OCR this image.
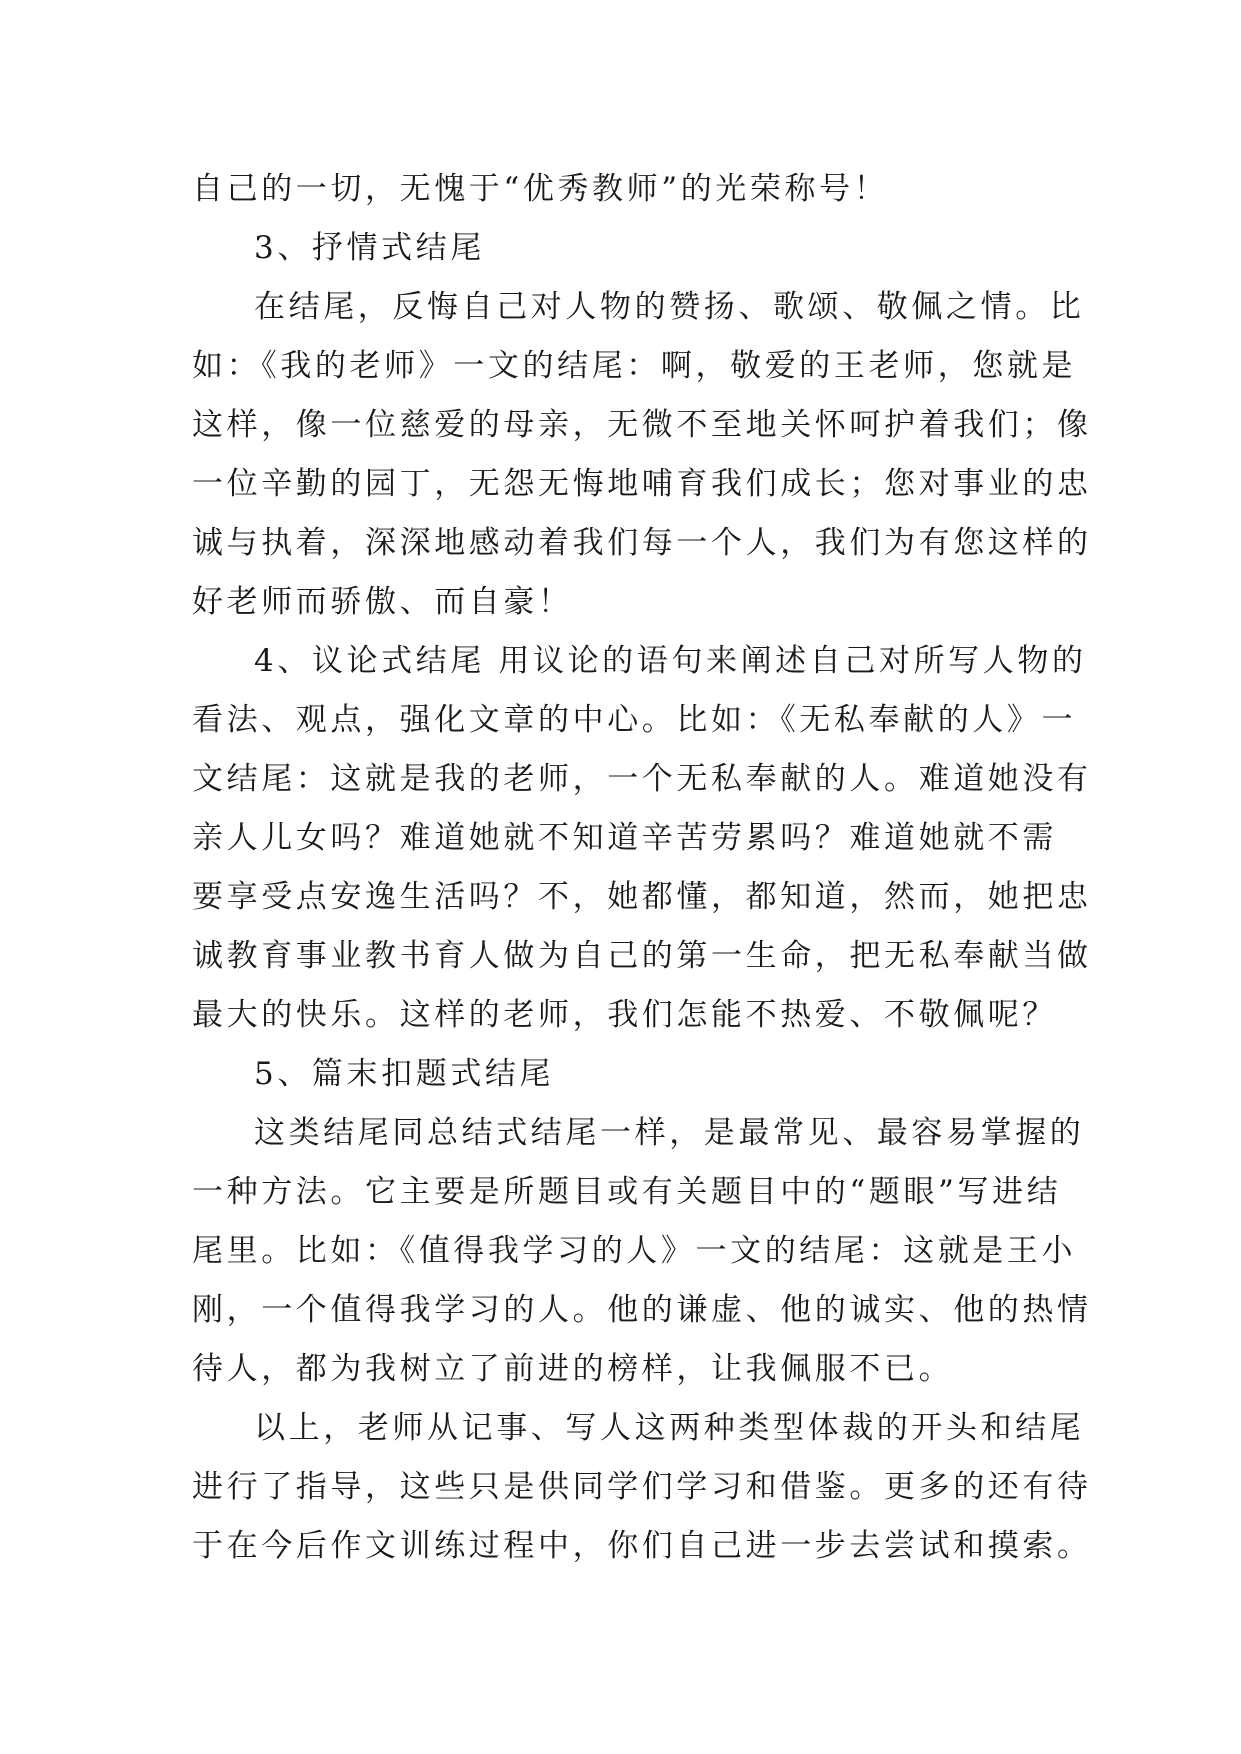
自己的一切，无愧于“优秀教师”的光荣称号！
3、抒情式结尾
在结尾，反悔自己对人物的赞扬、歌颂、敬佩之情。比
如：《我的老师》一文的结尾：啊，敬爱的王老师，您就是
这样，像一位慈爱的母亲，无微不至地关怀呵护着我们；像
一位辛勤的园丁，无怨无悔地哺育我们成长；您对事业的忠
诚与执着，深深地感动着我们每一个人，我们为有您这样的
好老师而骄傲、而自豪！
4、议论式结尾 用议论的语句来阐述自己对所写人物的
看法、观点，强化文章的中心。比如：《无私奉献的人》一
文结尾：这就是我的老师，一个无私奉献的人。难道她没有
亲人儿女吗？难道她就不知道辛苦劳累吗？难道她就不需
要享受点安逸生活吗？不，她都懂，都知道，然而，她把忠
诚教育事业教书育人做为自己的第一生命，把无私奉献当做
最大的快乐。这样的老师，我们怎能不热爱、不敬佩呢？
5、篇末扣题式结尾
这类结尾同总结式结尾一样，是最常见、最容易掌握的
一种方法。它主要是所题目或有关题目中的“题眼”写进结
尾里。比如：《值得我学习的人》一文的结尾：这就是王小
刚，一个值得我学习的人。他的谦虚、他的诚实、他的热情
待人，都为我树立了前进的榜样，让我佩服不已。
以上，老师从记事、写人这两种类型体裁的开头和结尾
进行了指导，这些只是供同学们学习和借鉴。更多的还有待
于在今后作文训练过程中，你们自己进一步去尝试和摸索。
